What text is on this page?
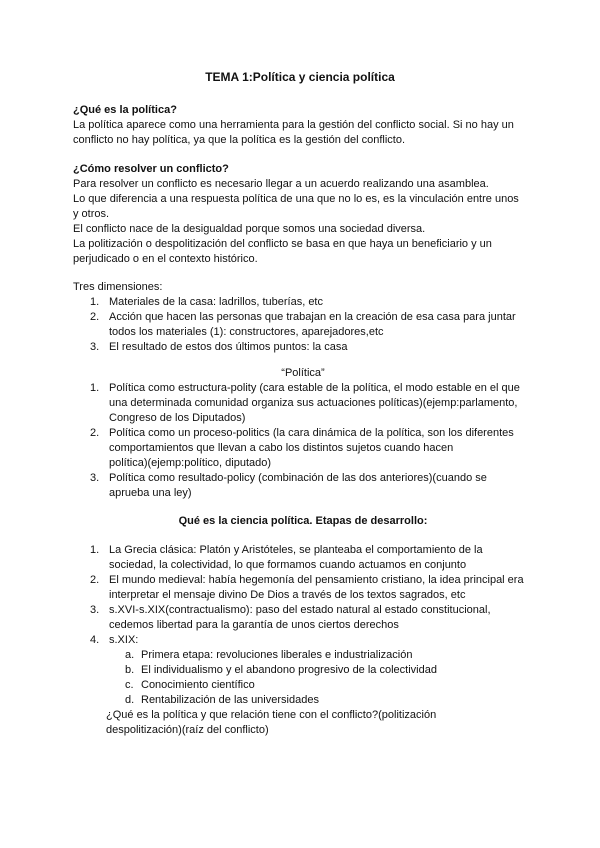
TEMA 1:Política y ciencia política
¿Qué es la política?
La política aparece como una herramienta para la gestión del conflicto social. Si no hay un
conflicto no hay política, ya que la política es la gestión del conflicto.
¿Cómo resolver un conflicto?
Para resolver un conflicto es necesario llegar a un acuerdo realizando una asamblea.
Lo que diferencia a una respuesta política de una que no lo es, es la vinculación entre unos
y otros.
El conflicto nace de la desigualdad porque somos una sociedad diversa.
La politización o despolitización del conflicto se basa en que haya un beneficiario y un
perjudicado o en el contexto histórico.
Tres dimensiones:
1. Materiales de la casa: ladrillos, tuberías, etc
2. Acción que hacen las personas que trabajan en la creación de esa casa para juntar
todos los materiales (1): constructores, aparejadores,etc
3. El resultado de estos dos últimos puntos: la casa
“Política”
1. Política como estructura-polity (cara estable de la política, el modo estable en el que
una determinada comunidad organiza sus actuaciones políticas)(ejemp:parlamento,
Congreso de los Diputados)
2. Política como un proceso-politics (la cara dinámica de la política, son los diferentes
comportamientos que llevan a cabo los distintos sujetos cuando hacen
política)(ejemp:político, diputado)
3. Política como resultado-policy (combinación de las dos anteriores)(cuando se
aprueba una ley)
Qué es la ciencia política. Etapas de desarrollo:
1. La Grecia clásica: Platón y Aristóteles, se planteaba el comportamiento de la
sociedad, la colectividad, lo que formamos cuando actuamos en conjunto
2. El mundo medieval: había hegemonía del pensamiento cristiano, la idea principal era
interpretar el mensaje divino De Dios a través de los textos sagrados, etc
3. s.XVI-s.XIX(contractualismo): paso del estado natural al estado constitucional,
cedemos libertad para la garantía de unos ciertos derechos
4. s.XIX:
a. Primera etapa: revoluciones liberales e industrialización
b. El individualismo y el abandono progresivo de la colectividad
c. Conocimiento científico
d. Rentabilización de las universidades
¿Qué es la política y que relación tiene con el conflicto?(politización
despolitización)(raíz del conflicto)
